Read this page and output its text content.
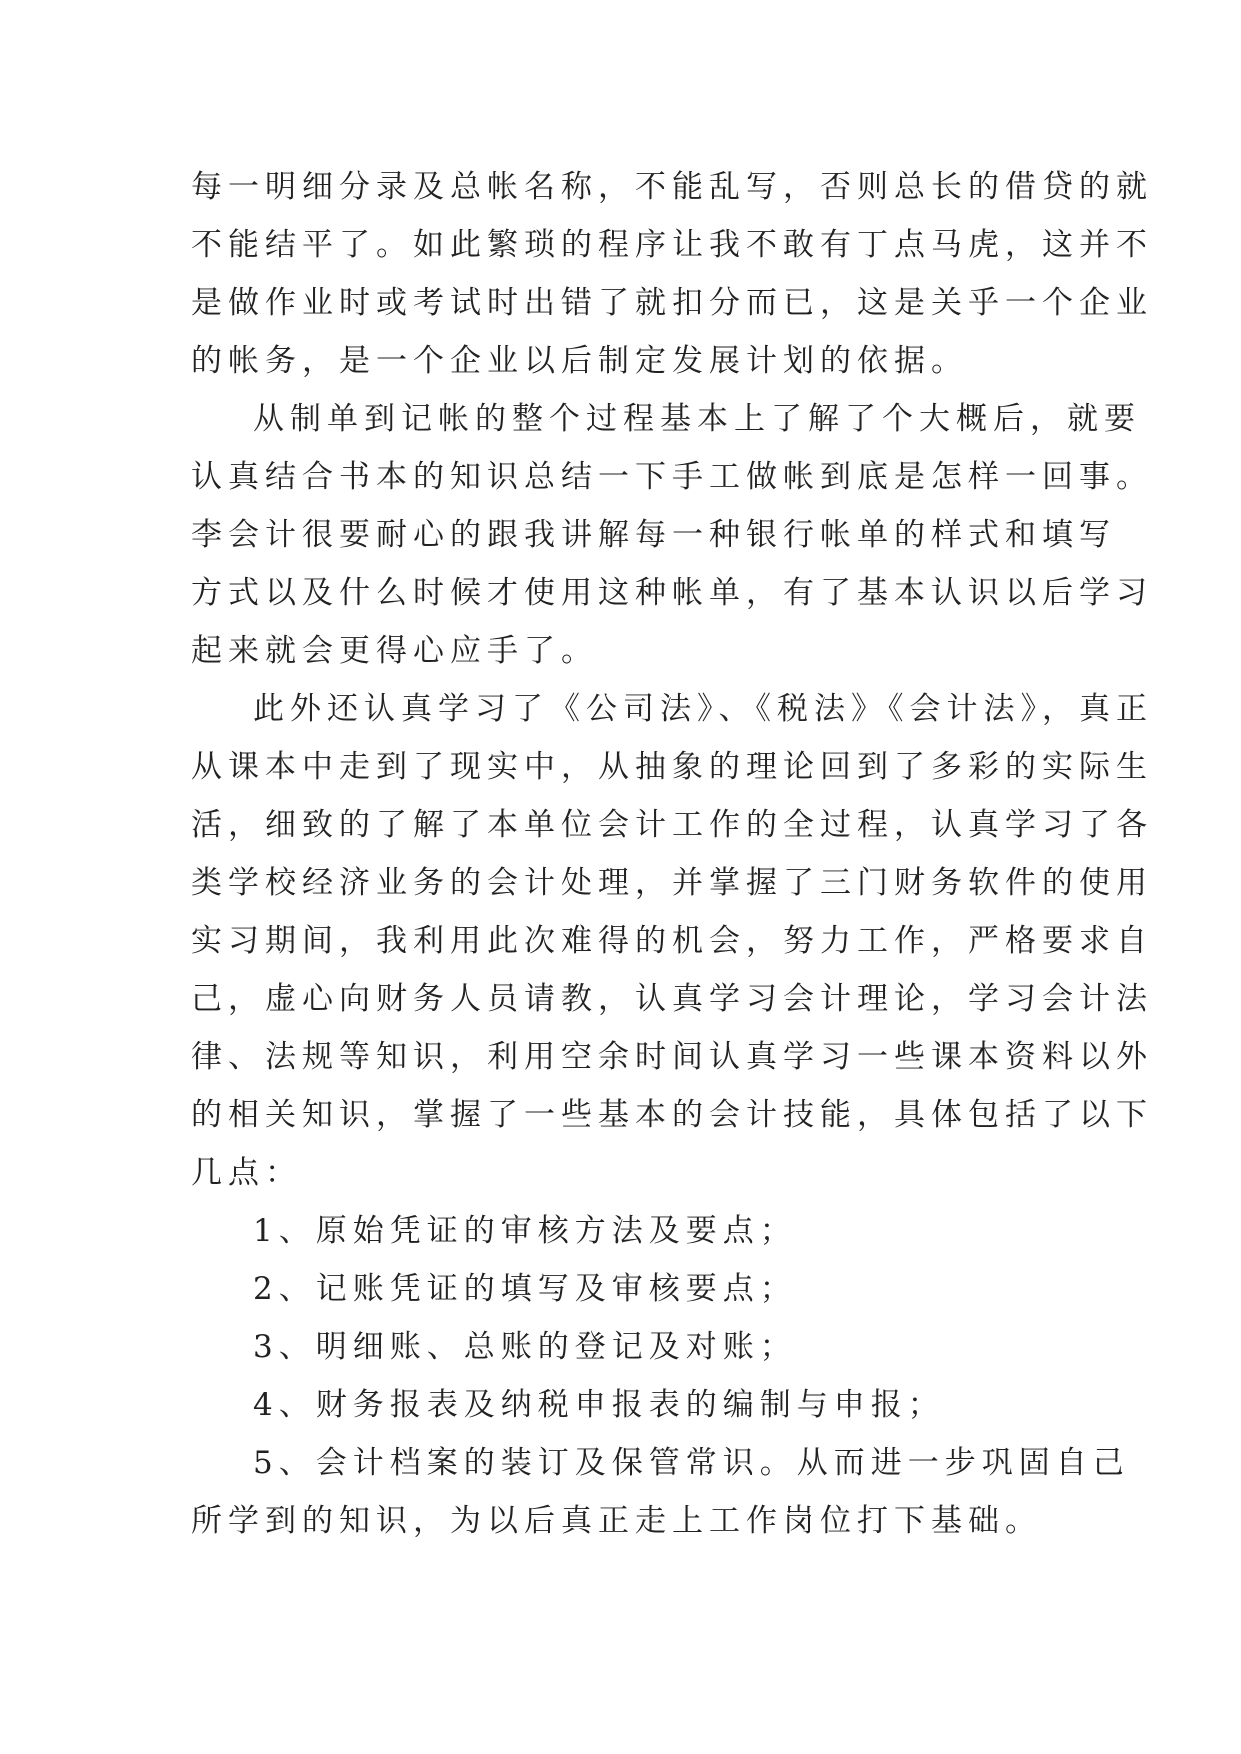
每一明细分录及总帐名称，不能乱写，否则总长的借贷的就
不能结平了。如此繁琐的程序让我不敢有丁点马虎，这并不
是做作业时或考试时出错了就扣分而已，这是关乎一个企业
的帐务，是一个企业以后制定发展计划的依据。
从制单到记帐的整个过程基本上了解了个大概后，就要
认真结合书本的知识总结一下手工做帐到底是怎样一回事。
李会计很要耐心的跟我讲解每一种银行帐单的样式和填写
方式以及什么时候才使用这种帐单，有了基本认识以后学习
起来就会更得心应手了。
此外还认真学习了《公司法》、《税法》《会计法》，真正
从课本中走到了现实中，从抽象的理论回到了多彩的实际生
活，细致的了解了本单位会计工作的全过程，认真学习了各
类学校经济业务的会计处理，并掌握了三门财务软件的使用
实习期间，我利用此次难得的机会，努力工作，严格要求自
己，虚心向财务人员请教，认真学习会计理论，学习会计法
律、法规等知识，利用空余时间认真学习一些课本资料以外
的相关知识，掌握了一些基本的会计技能，具体包括了以下
几点：
1、原始凭证的审核方法及要点；
2、记账凭证的填写及审核要点；
3、明细账、总账的登记及对账；
4、财务报表及纳税申报表的编制与申报；
5、会计档案的装订及保管常识。从而进一步巩固自己
所学到的知识，为以后真正走上工作岗位打下基础。
